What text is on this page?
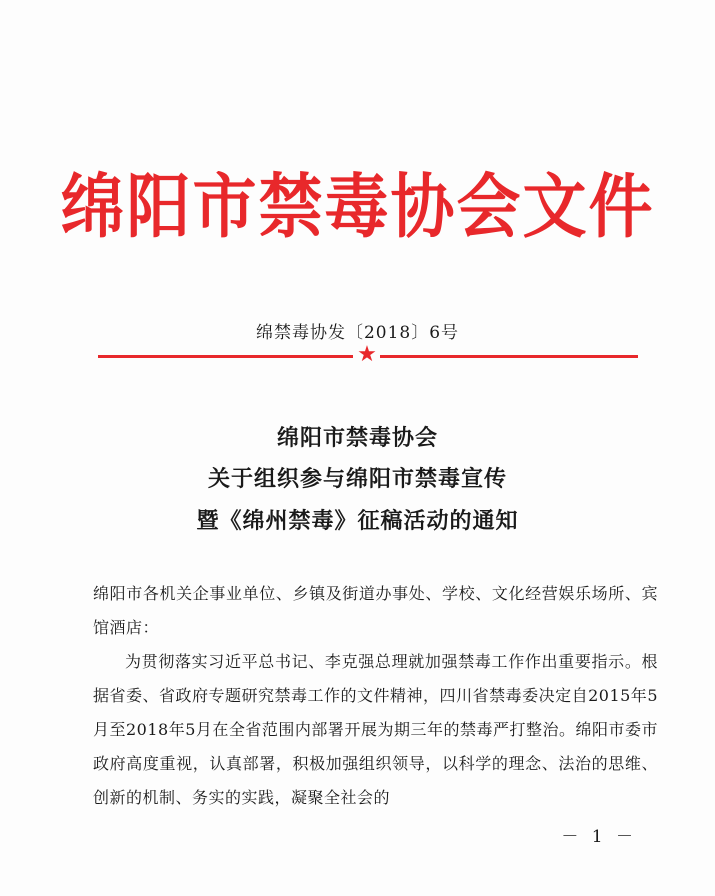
绵阳市禁毒协会文件
绵禁毒协发〔2018〕6号
★
绵阳市禁毒协会
关于组织参与绵阳市禁毒宣传
暨《绵州禁毒》征稿活动的通知
绵阳市各机关企事业单位、乡镇及街道办事处、学校、文化经营娱乐场所、宾馆酒店：
为贯彻落实习近平总书记、李克强总理就加强禁毒工作作出重要指示。根据省委、省政府专题研究禁毒工作的文件精神，四川省禁毒委决定自2015年5月至2018年5月在全省范围内部署开展为期三年的禁毒严打整治。绵阳市委市政府高度重视，认真部署，积极加强组织领导，以科学的理念、法治的思维、创新的机制、务实的实践，凝聚全社会的
－ 1 －
